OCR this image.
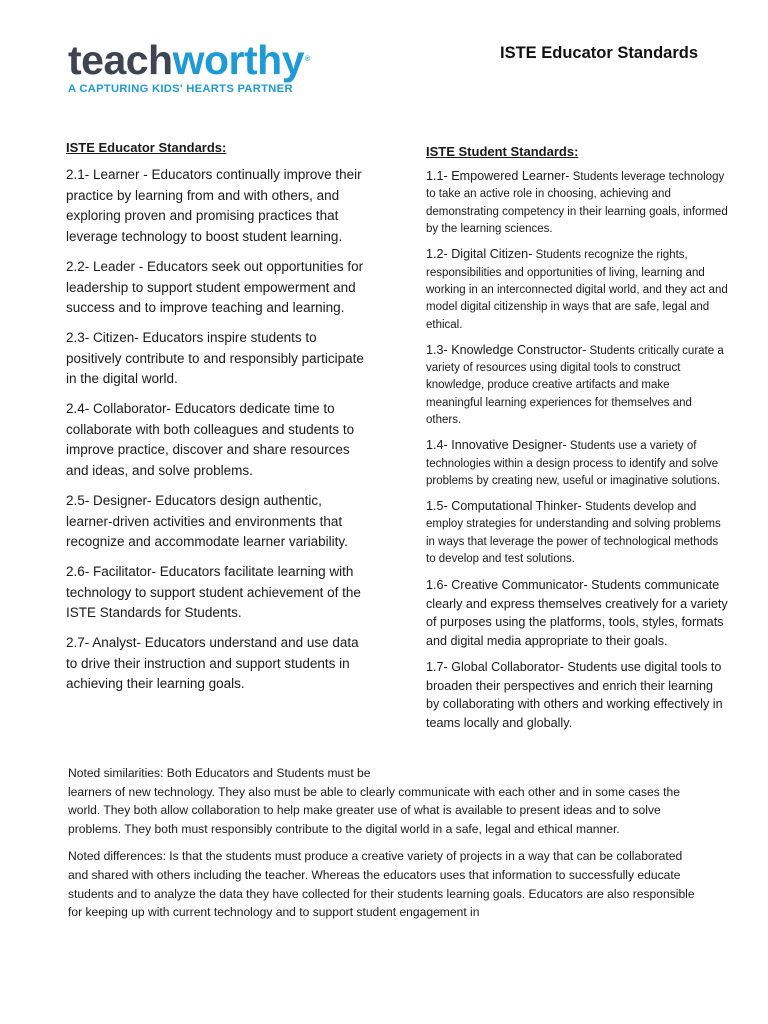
teach worthy ®
A CAPTURING KIDS' HEARTS PARTNER
ISTE Educator Standards
ISTE Educator Standards:
2.1- Learner - Educators continually improve their practice by learning from and with others, and exploring proven and promising practices that leverage technology to boost student learning.
2.2- Leader - Educators seek out opportunities for leadership to support student empowerment and success and to improve teaching and learning.
2.3- Citizen- Educators inspire students to positively contribute to and responsibly participate in the digital world.
2.4- Collaborator- Educators dedicate time to collaborate with both colleagues and students to improve practice, discover and share resources and ideas, and solve problems.
2.5- Designer- Educators design authentic, learner-driven activities and environments that recognize and accommodate learner variability.
2.6- Facilitator- Educators facilitate learning with technology to support student achievement of the ISTE Standards for Students.
2.7- Analyst- Educators understand and use data to drive their instruction and support students in achieving their learning goals.
ISTE Student Standards:
1.1- Empowered Learner- Students leverage technology to take an active role in choosing, achieving and demonstrating competency in their learning goals, informed by the learning sciences.
1.2- Digital Citizen- Students recognize the rights, responsibilities and opportunities of living, learning and working in an interconnected digital world, and they act and model digital citizenship in ways that are safe, legal and ethical.
1.3- Knowledge Constructor- Students critically curate a variety of resources using digital tools to construct knowledge, produce creative artifacts and make meaningful learning experiences for themselves and others.
1.4- Innovative Designer- Students use a variety of technologies within a design process to identify and solve problems by creating new, useful or imaginative solutions.
1.5- Computational Thinker- Students develop and employ strategies for understanding and solving problems in ways that leverage the power of technological methods to develop and test solutions.
1.6- Creative Communicator- Students communicate clearly and express themselves creatively for a variety of purposes using the platforms, tools, styles, formats and digital media appropriate to their goals.
1.7- Global Collaborator- Students use digital tools to broaden their perspectives and enrich their learning by collaborating with others and working effectively in teams locally and globally.

Noted similarities: Both Educators and Students must be
learners of new technology. They also must be able to clearly communicate with each other and in some cases the world. They both allow collaboration to help make greater use of what is available to present ideas and to solve problems. They both must responsibly contribute to the digital world in a safe, legal and ethical manner.

Noted differences: Is that the students must produce a creative variety of projects in a way that can be collaborated and shared with others including the teacher. Whereas the educators uses that information to successfully educate students and to analyze the data they have collected for their students learning goals. Educators are also responsible for keeping up with current technology and to support student engagement in
